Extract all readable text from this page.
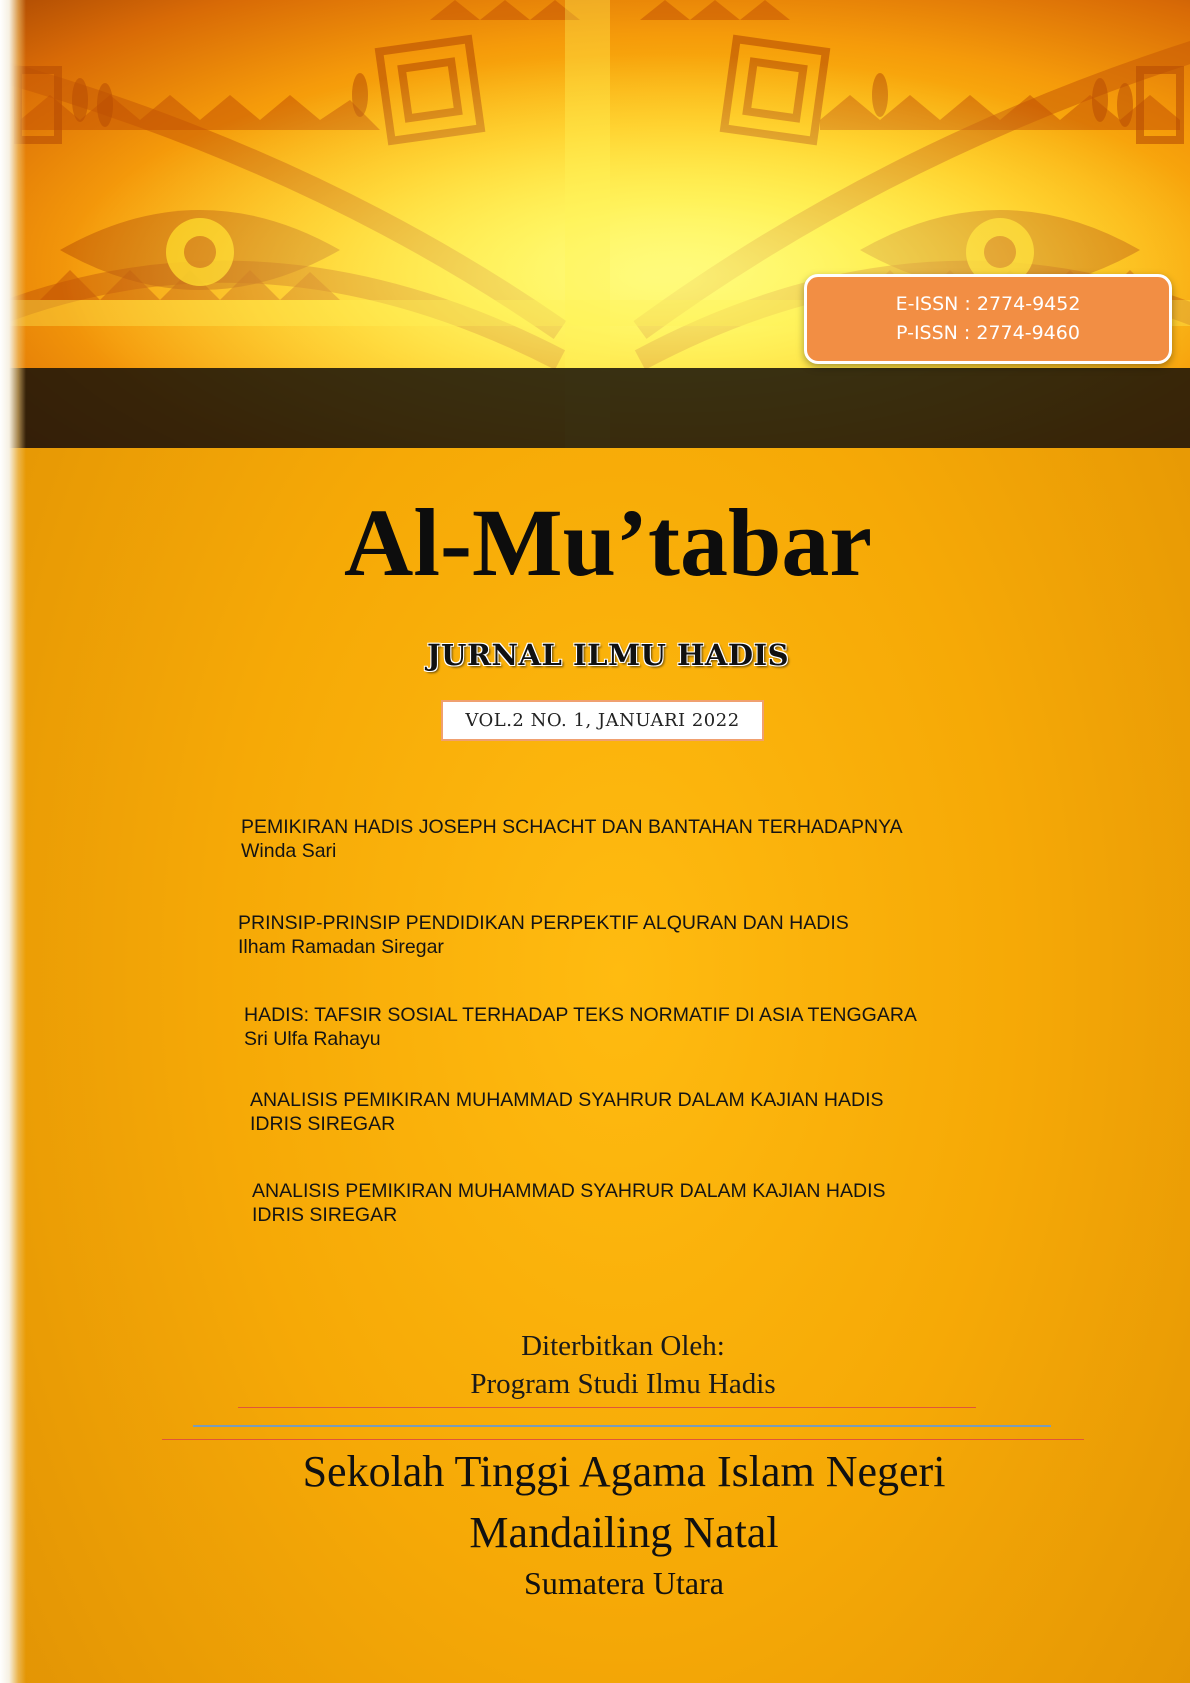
E-ISSN : 2774-9452
P-ISSN : 2774-9460
Al-Mu’tabar
JURNAL ILMU HADIS
VOL.2 NO. 1, JANUARI 2022
PEMIKIRAN HADIS JOSEPH SCHACHT DAN BANTAHAN TERHADAPNYA
Winda Sari
PRINSIP-PRINSIP PENDIDIKAN PERPEKTIF ALQURAN DAN HADIS
Ilham Ramadan Siregar
HADIS: TAFSIR SOSIAL TERHADAP TEKS NORMATIF DI ASIA TENGGARA
Sri Ulfa Rahayu
ANALISIS PEMIKIRAN MUHAMMAD SYAHRUR DALAM KAJIAN HADIS
IDRIS SIREGAR
ANALISIS PEMIKIRAN MUHAMMAD SYAHRUR DALAM KAJIAN HADIS
IDRIS SIREGAR
Diterbitkan Oleh:
Program Studi Ilmu Hadis
Sekolah Tinggi Agama Islam Negeri
Mandailing Natal
Sumatera Utara
